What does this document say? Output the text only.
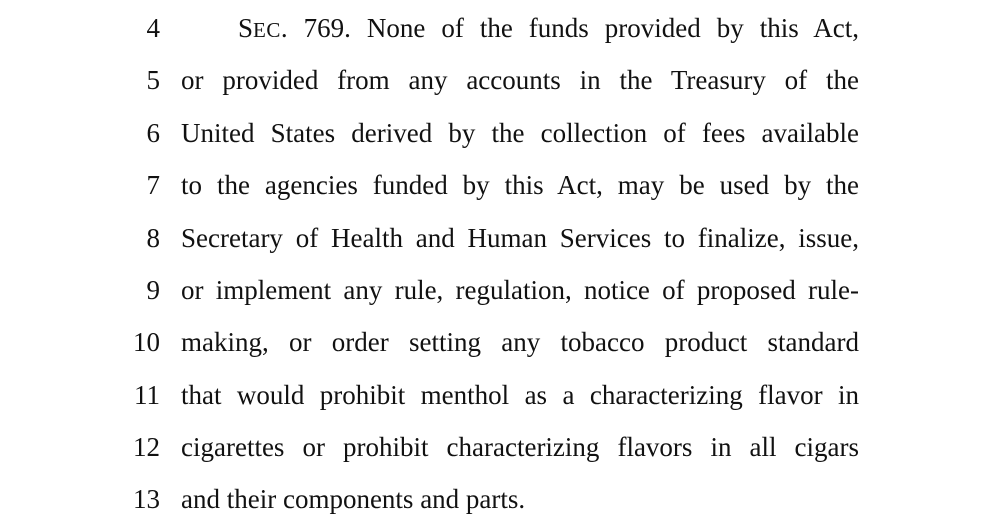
4	SEC. 769. None of the funds provided by this Act,
5 or provided from any accounts in the Treasury of the
6 United States derived by the collection of fees available
7 to the agencies funded by this Act, may be used by the
8 Secretary of Health and Human Services to finalize, issue,
9 or implement any rule, regulation, notice of proposed rule-
10 making, or order setting any tobacco product standard
11 that would prohibit menthol as a characterizing flavor in
12 cigarettes or prohibit characterizing flavors in all cigars
13 and their components and parts.
